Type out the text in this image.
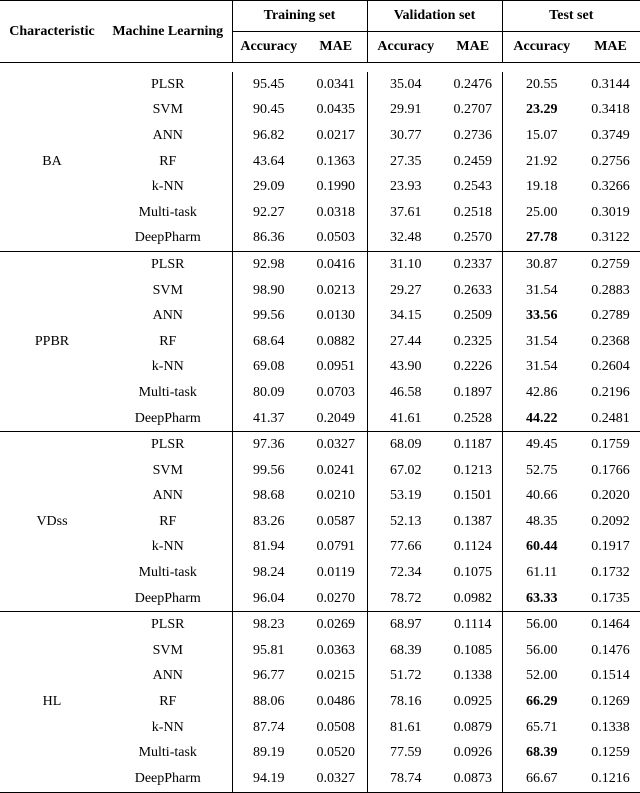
Characteristic	Machine Learning	Training set		Validation set		Test set	
		Accuracy	MAE	Accuracy	MAE	Accuracy	MAE

BA	PLSR	95.45	0.0341	35.04	0.2476	20.55	0.3144
	SVM	90.45	0.0435	29.91	0.2707	23.29	0.3418
	ANN	96.82	0.0217	30.77	0.2736	15.07	0.3749
	RF	43.64	0.1363	27.35	0.2459	21.92	0.2756
	k-NN	29.09	0.1990	23.93	0.2543	19.18	0.3266
	Multi-task	92.27	0.0318	37.61	0.2518	25.00	0.3019
	DeepPharm	86.36	0.0503	32.48	0.2570	27.78	0.3122
PPBR	PLSR	92.98	0.0416	31.10	0.2337	30.87	0.2759
	SVM	98.90	0.0213	29.27	0.2633	31.54	0.2883
	ANN	99.56	0.0130	34.15	0.2509	33.56	0.2789
	RF	68.64	0.0882	27.44	0.2325	31.54	0.2368
	k-NN	69.08	0.0951	43.90	0.2226	31.54	0.2604
	Multi-task	80.09	0.0703	46.58	0.1897	42.86	0.2196
	DeepPharm	41.37	0.2049	41.61	0.2528	44.22	0.2481
VDss	PLSR	97.36	0.0327	68.09	0.1187	49.45	0.1759
	SVM	99.56	0.0241	67.02	0.1213	52.75	0.1766
	ANN	98.68	0.0210	53.19	0.1501	40.66	0.2020
	RF	83.26	0.0587	52.13	0.1387	48.35	0.2092
	k-NN	81.94	0.0791	77.66	0.1124	60.44	0.1917
	Multi-task	98.24	0.0119	72.34	0.1075	61.11	0.1732
	DeepPharm	96.04	0.0270	78.72	0.0982	63.33	0.1735
HL	PLSR	98.23	0.0269	68.97	0.1114	56.00	0.1464
	SVM	95.81	0.0363	68.39	0.1085	56.00	0.1476
	ANN	96.77	0.0215	51.72	0.1338	52.00	0.1514
	RF	88.06	0.0486	78.16	0.0925	66.29	0.1269
	k-NN	87.74	0.0508	81.61	0.0879	65.71	0.1338
	Multi-task	89.19	0.0520	77.59	0.0926	68.39	0.1259
	DeepPharm	94.19	0.0327	78.74	0.0873	66.67	0.1216
